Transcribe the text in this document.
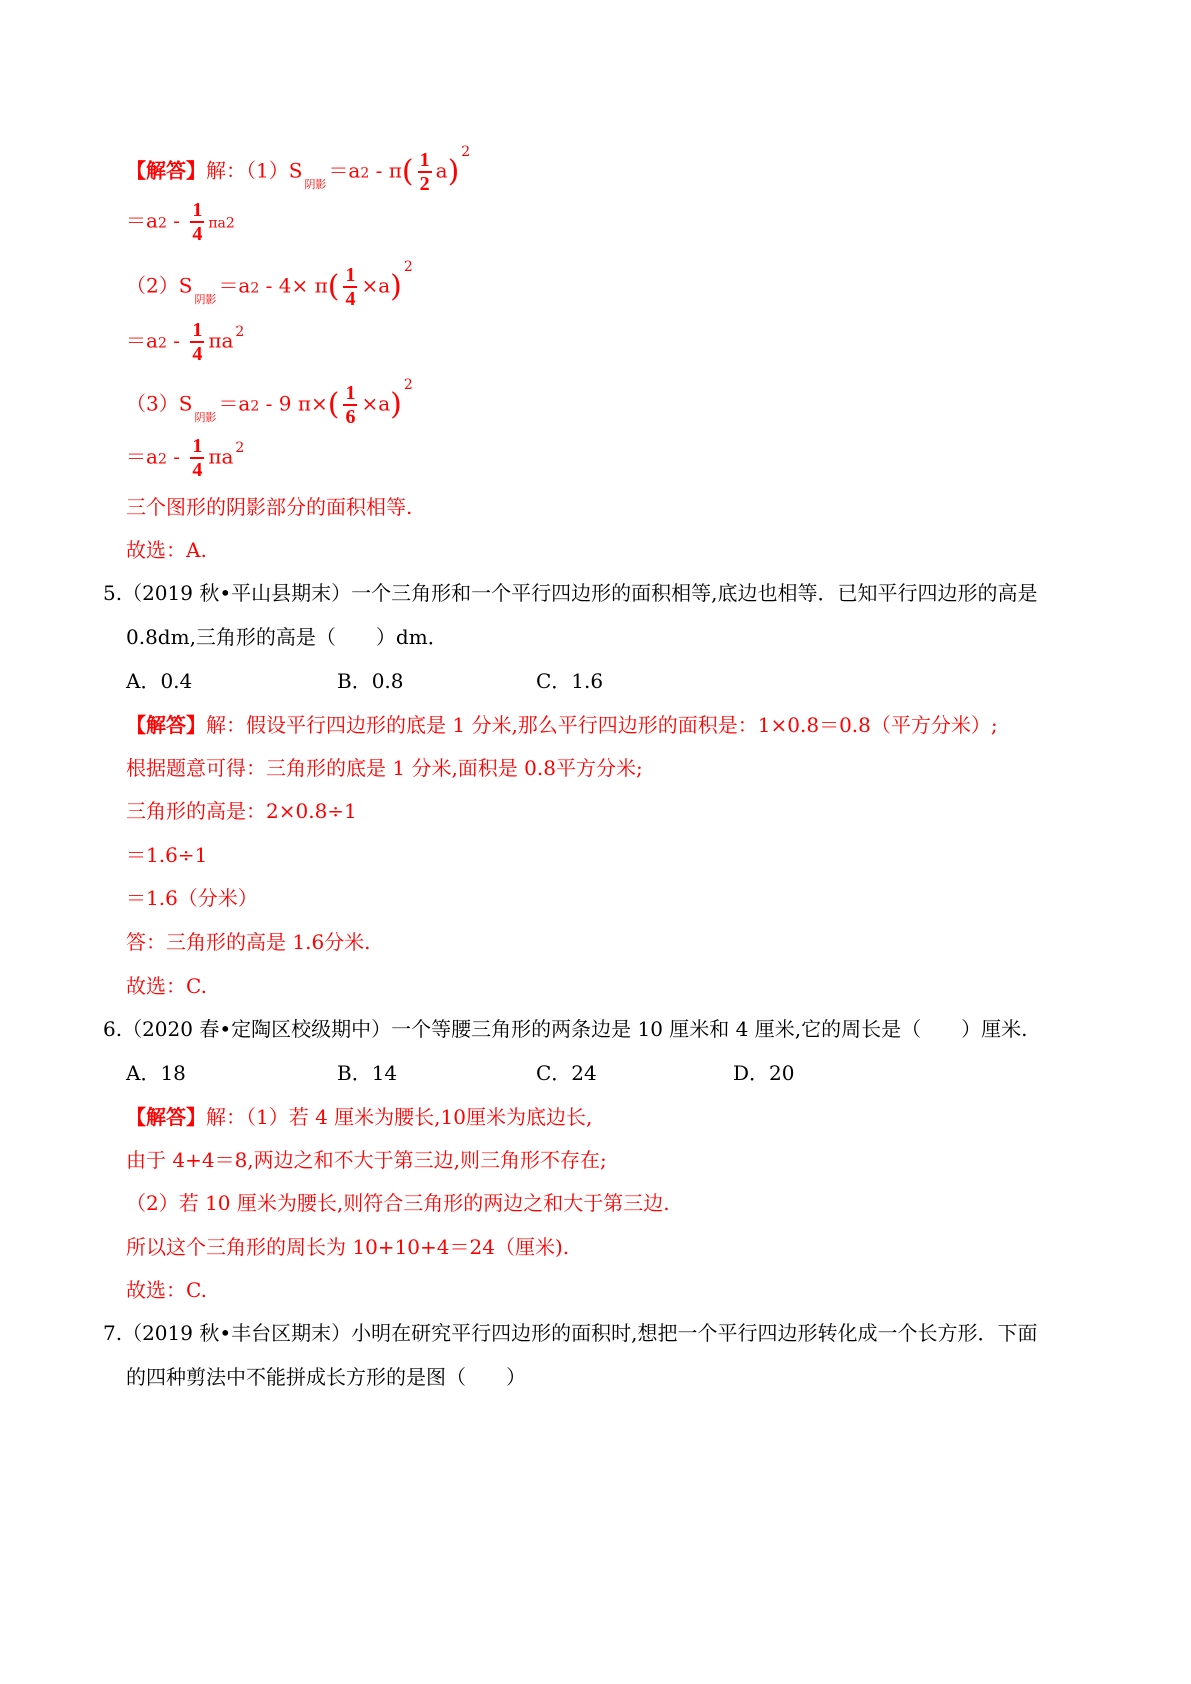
【解答】解：$(1)S_{阴影}=a2 - \pi( \frac{1}{2} a)^2$
$=a2 - \frac{1}{4} \pi a2$
$(2)S_{阴影}=a2 - 4\times \pi( \frac{1}{4} \times a)^2$
$=a2 - \frac{1}{4}$ πa $^2$
$(3)S_{阴影}=a2 - 9$ $\pi\times( \frac{1}{6} \times a)^2$
$=a2 - \frac{1}{4}$ πa $^2$
三个图形的阴影部分的面积相等.
故选：A.
5.（2019 秋•平山县期末）一个三角形和一个平行四边形的面积相等,底边也相等．已知平行四边形的高是
0.8dm,三角形的高是（　　）dm．
A．0.4	B．0.8	C．1.6
【解答】解：假设平行四边形的底是 1 分米,那么平行四边形的面积是：1×0.8＝0.8（平方分米）;
根据题意可得：三角形的底是 1 分米,面积是 0.8平方分米;
三角形的高是：2×0.8÷1
＝1.6÷1
＝1.6（分米）
答：三角形的高是 1.6分米.
故选：C.
6.（2020 春•定陶区校级期中）一个等腰三角形的两条边是 10 厘米和 4 厘米,它的周长是（　　）厘米.
A．18	B．14	C．24	D．20
【解答】解：（1）若 4 厘米为腰长,10厘米为底边长,
由于 4+4＝8,两边之和不大于第三边,则三角形不存在;
（2）若 10 厘米为腰长,则符合三角形的两边之和大于第三边.
所以这个三角形的周长为 10+10+4＝24（厘米).
故选：C.
7.（2019 秋•丰台区期末）小明在研究平行四边形的面积时,想把一个平行四边形转化成一个长方形．下面
的四种剪法中不能拼成长方形的是图（　　）
